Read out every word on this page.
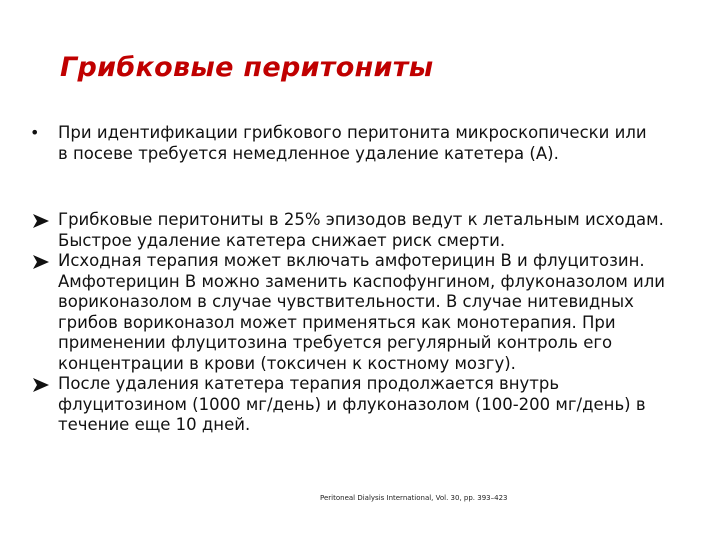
Грибковые перитониты
•	При идентификации грибкового перитонита микроскопически или в посеве требуется немедленное удаление катетера (А).
Грибковые перитониты в 25% эпизодов ведут к летальным исходам. Быстрое удаление катетера снижает риск смерти.
Исходная терапия может включать амфотерицин В и флуцитозин. Амфотерицин В можно заменить каспофунгином, флуконазолом или вориконазолом в случае чувствительности. В случае нитевидных грибов вориконазол может применяться как монотерапия. При применении флуцитозина требуется регулярный контроль его концентрации в крови (токсичен к костному мозгу).
После удаления катетера терапия продолжается внутрь флуцитозином (1000 мг/день) и флуконазолом (100-200 мг/день) в течение еще 10 дней.
Peritoneal Dialysis International, Vol. 30, pp. 393–423
